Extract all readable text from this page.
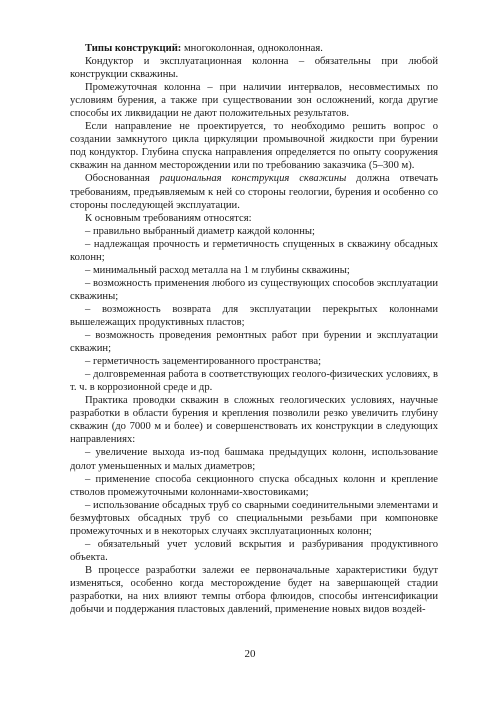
Типы конструкций: многоколонная, одноколонная.

Кондуктор и эксплуатационная колонна – обязательны при любой конструкции скважины.

Промежуточная колонна – при наличии интервалов, несовместимых по условиям бурения, а также при существовании зон осложнений, когда другие способы их ликвидации не дают положительных результатов.

Если направление не проектируется, то необходимо решить вопрос о создании замкнутого цикла циркуляции промывочной жидкости при бурении под кондуктор. Глубина спуска направления определяется по опыту сооружения скважин на данном месторождении или по требованию заказчика (5–300 м).

Обоснованная рациональная конструкция скважины должна отвечать требованиям, предъявляемым к ней со стороны геологии, бурения и особенно со стороны последующей эксплуатации.

К основным требованиям относятся:

– правильно выбранный диаметр каждой колонны;

– надлежащая прочность и герметичность спущенных в скважину обсадных колонн;

– минимальный расход металла на 1 м глубины скважины;

– возможность применения любого из существующих способов эксплуатации скважины;

– возможность возврата для эксплуатации перекрытых колоннами вышележащих продуктивных пластов;

– возможность проведения ремонтных работ при бурении и эксплуатации скважин;

– герметичность зацементированного пространства;

– долговременная работа в соответствующих геолого-физических условиях, в т. ч. в коррозионной среде и др.

Практика проводки скважин в сложных геологических условиях, научные разработки в области бурения и крепления позволили резко увеличить глубину скважин (до 7000 м и более) и совершенствовать их конструкции в следующих направлениях:

– увеличение выхода из-под башмака предыдущих колонн, использование долот уменьшенных и малых диаметров;

– применение способа секционного спуска обсадных колонн и крепление стволов промежуточными колоннами-хвостовиками;

– использование обсадных труб со сварными соединительными элементами и безмуфтовых обсадных труб со специальными резьбами при компоновке промежуточных и в некоторых случаях эксплуатационных колонн;

– обязательный учет условий вскрытия и разбуривания продуктивного объекта.

В процессе разработки залежи ее первоначальные характеристики будут изменяться, особенно когда месторождение будет на завершающей стадии разработки, на них влияют темпы отбора флюидов, способы интенсификации добычи и поддержания пластовых давлений, применение новых видов воздей-

20
